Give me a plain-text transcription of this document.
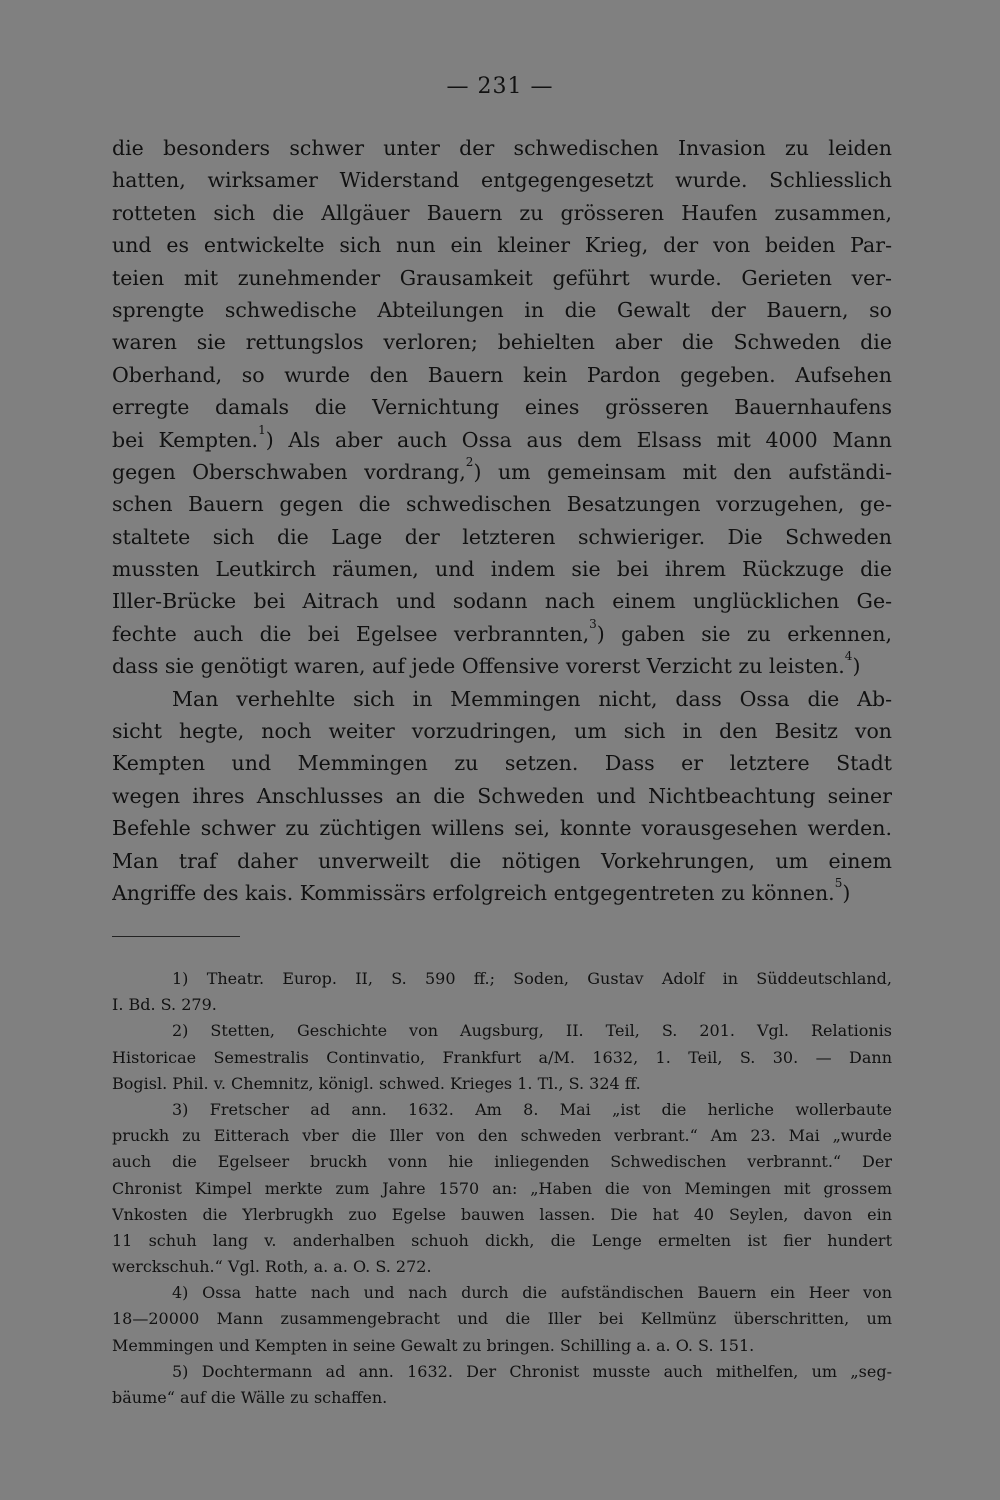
— 231 —
die besonders schwer unter der schwedischen Invasion zu leiden
hatten, wirksamer Widerstand entgegengesetzt wurde. Schliesslich
rotteten sich die Allgäuer Bauern zu grösseren Haufen zusammen,
und es entwickelte sich nun ein kleiner Krieg, der von beiden Par-
teien mit zunehmender Grausamkeit geführt wurde. Gerieten ver-
sprengte schwedische Abteilungen in die Gewalt der Bauern, so
waren sie rettungslos verloren; behielten aber die Schweden die
Oberhand, so wurde den Bauern kein Pardon gegeben. Aufsehen
erregte damals die Vernichtung eines grösseren Bauernhaufens
bei Kempten.$^1$) Als aber auch Ossa aus dem Elsass mit 4000 Mann
gegen Oberschwaben vordrang,$^2$) um gemeinsam mit den aufständi-
schen Bauern gegen die schwedischen Besatzungen vorzugehen, ge-
staltete sich die Lage der letzteren schwieriger. Die Schweden
mussten Leutkirch räumen, und indem sie bei ihrem Rückzuge die
Iller-Brücke bei Aitrach und sodann nach einem unglücklichen Ge-
fechte auch die bei Egelsee verbrannten,$^3$) gaben sie zu erkennen,
dass sie genötigt waren, auf jede Offensive vorerst Verzicht zu leisten.$^4$)
Man verhehlte sich in Memmingen nicht, dass Ossa die Ab-
sicht hegte, noch weiter vorzudringen, um sich in den Besitz von
Kempten und Memmingen zu setzen. Dass er letztere Stadt
wegen ihres Anschlusses an die Schweden und Nichtbeachtung seiner
Befehle schwer zu züchtigen willens sei, konnte vorausgesehen werden.
Man traf daher unverweilt die nötigen Vorkehrungen, um einem
Angriffe des kais. Kommissärs erfolgreich entgegentreten zu können.$^5$)
1) Theatr. Europ. II, S. 590 ff.; Soden, Gustav Adolf in Süddeutschland,
I. Bd. S. 279.
2) Stetten, Geschichte von Augsburg, II. Teil, S. 201. Vgl. Relationis
Historicae Semestralis Continvatio, Frankfurt a/M. 1632, 1. Teil, S. 30. — Dann
Bogisl. Phil. v. Chemnitz, königl. schwed. Krieges 1. Tl., S. 324 ff.
3) Fretscher ad ann. 1632. Am 8. Mai „ist die herliche wollerbaute
pruckh zu Eitterach vber die Iller von den schweden verbrant.“ Am 23. Mai „wurde
auch die Egelseer bruckh vonn hie inliegenden Schwedischen verbrannt.“ Der
Chronist Kimpel merkte zum Jahre 1570 an: „Haben die von Memingen mit grossem
Vnkosten die Ylerbrugkh zuo Egelse bauwen lassen. Die hat 40 Seylen, davon ein
11 schuh lang v. anderhalben schuoh dickh, die Lenge ermelten ist fier hundert
werckschuh.“ Vgl. Roth, a. a. O. S. 272.
4) Ossa hatte nach und nach durch die aufständischen Bauern ein Heer von
18—20000 Mann zusammengebracht und die Iller bei Kellmünz überschritten, um
Memmingen und Kempten in seine Gewalt zu bringen. Schilling a. a. O. S. 151.
5) Dochtermann ad ann. 1632. Der Chronist musste auch mithelfen, um „seg-
bäume“ auf die Wälle zu schaffen.
